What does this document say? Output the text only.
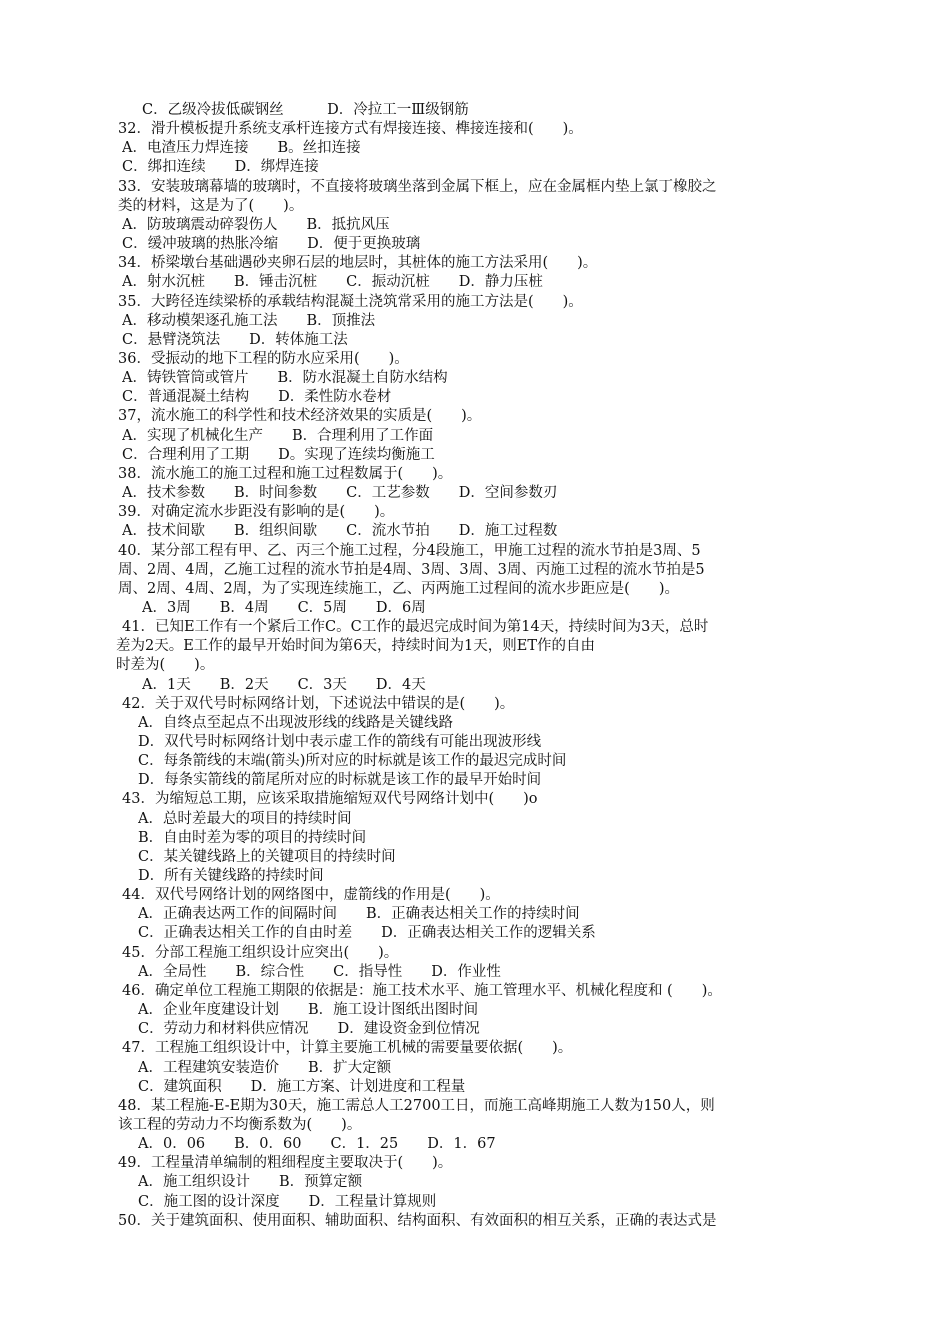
C．乙级冷拔低碳钢丝　　　D．冷拉工一Ⅲ级钢筋
32．滑升模板提升系统支承杆连接方式有焊接连接、榫接连接和(　　)。
A．电渣压力焊连接　　B。丝扣连接
C．绑扣连续　　D．绑焊连接
33．安装玻璃幕墙的玻璃时，不直接将玻璃坐落到金属下框上，应在金属框内垫上氯丁橡胶之
类的材料，这是为了(　　)。
A．防玻璃震动碎裂伤人　　B．抵抗风压
C．缓冲玻璃的热胀冷缩　　D．便于更换玻璃
34．桥梁墩台基础遇砂夹卵石层的地层时，其桩体的施工方法采用(　　)。
A．射水沉桩　　B．锤击沉桩　　C．振动沉桩　　D．静力压桩
35．大跨径连续梁桥的承载结构混凝土浇筑常采用的施工方法是(　　)。
A．移动模架逐孔施工法　　B．顶推法
C．悬臂浇筑法　　D．转体施工法
36．受振动的地下工程的防水应采用(　　)。
A．铸铁管筒或管片　　B．防水混凝土自防水结构
C．普通混凝土结构　　D．柔性防水卷材
37，流水施工的科学性和技术经济效果的实质是(　　)。
A．实现了机械化生产　　B．合理利用了工作面
C．合理利用了工期　　D。实现了连续均衡施工
38．流水施工的施工过程和施工过程数属于(　　)。
A．技术参数　　B．时间参数　　C．工艺参数　　D．空间参数刃
39．对确定流水步距没有影响的是(　　)。
A．技术间歇　　B．组织间歇　　C．流水节拍　　D．施工过程数
40．某分部工程有甲、乙、丙三个施工过程，分4段施工，甲施工过程的流水节拍是3周、5
周、2周、4周，乙施工过程的流水节拍是4周、3周、3周、3周、丙施工过程的流水节拍是5
周、2周、4周、2周，为了实现连续施工，乙、丙两施工过程间的流水步距应是(　　)。
A．3周　　B．4周　　C．5周　　D．6周
41．已知E工作有一个紧后工作C。C工作的最迟完成时间为第14天，持续时间为3天，总时
差为2天。E工作的最早开始时间为第6天，持续时间为1天，则ET作的自由
时差为(　　)。
A．1天　　B．2天　　C．3天　　D．4天
42．关于双代号时标网络计划，下述说法中错误的是(　　)。
A．自终点至起点不出现波形线的线路是关键线路
D．双代号时标网络计划中表示虚工作的箭线有可能出现波形线
C．每条箭线的末端(箭头)所对应的时标就是该工作的最迟完成时间
D．每条实箭线的箭尾所对应的时标就是该工作的最早开始时间
43．为缩短总工期，应该采取措施缩短双代号网络计划中(　　)o
A．总时差最大的项目的持续时间
B．自由时差为零的项目的持续时间
C．某关键线路上的关键项目的持续时间
D．所有关键线路的持续时间
44．双代号网络计划的网络图中，虚箭线的作用是(　　)。
A．正确表达两工作的间隔时间　　B．正确表达相关工作的持续时间
C．正确表达相关工作的自由时差　　D．正确表达相关工作的逻辑关系
45．分部工程施工组织设计应突出(　　)。
A．全局性　　B．综合性　　C．指导性　　D．作业性
46．确定单位工程施工期限的依据是：施工技术水平、施工管理水平、机械化程度和 (　　)。
A．企业年度建设计划　　B．施工设计图纸出图时间
C．劳动力和材料供应情况　　D．建设资金到位情况
47．工程施工组织设计中，计算主要施工机械的需要量要依据(　　)。
A．工程建筑安装造价　　B．扩大定额
C．建筑面积　　D．施工方案、计划进度和工程量
48．某工程施-E-E期为30天，施工需总人工2700工日，而施工高峰期施工人数为150人，则
该工程的劳动力不均衡系数为(　　)。
A．0．06　　B．0．60　　C．1．25　　D．1．67
49．工程量清单编制的粗细程度主要取决于(　　)。
A．施工组织设计　　B．预算定额
C．施工图的设计深度　　D．工程量计算规则
50．关于建筑面积、使用面积、辅助面积、结构面积、有效面积的相互关系，正确的表达式是
